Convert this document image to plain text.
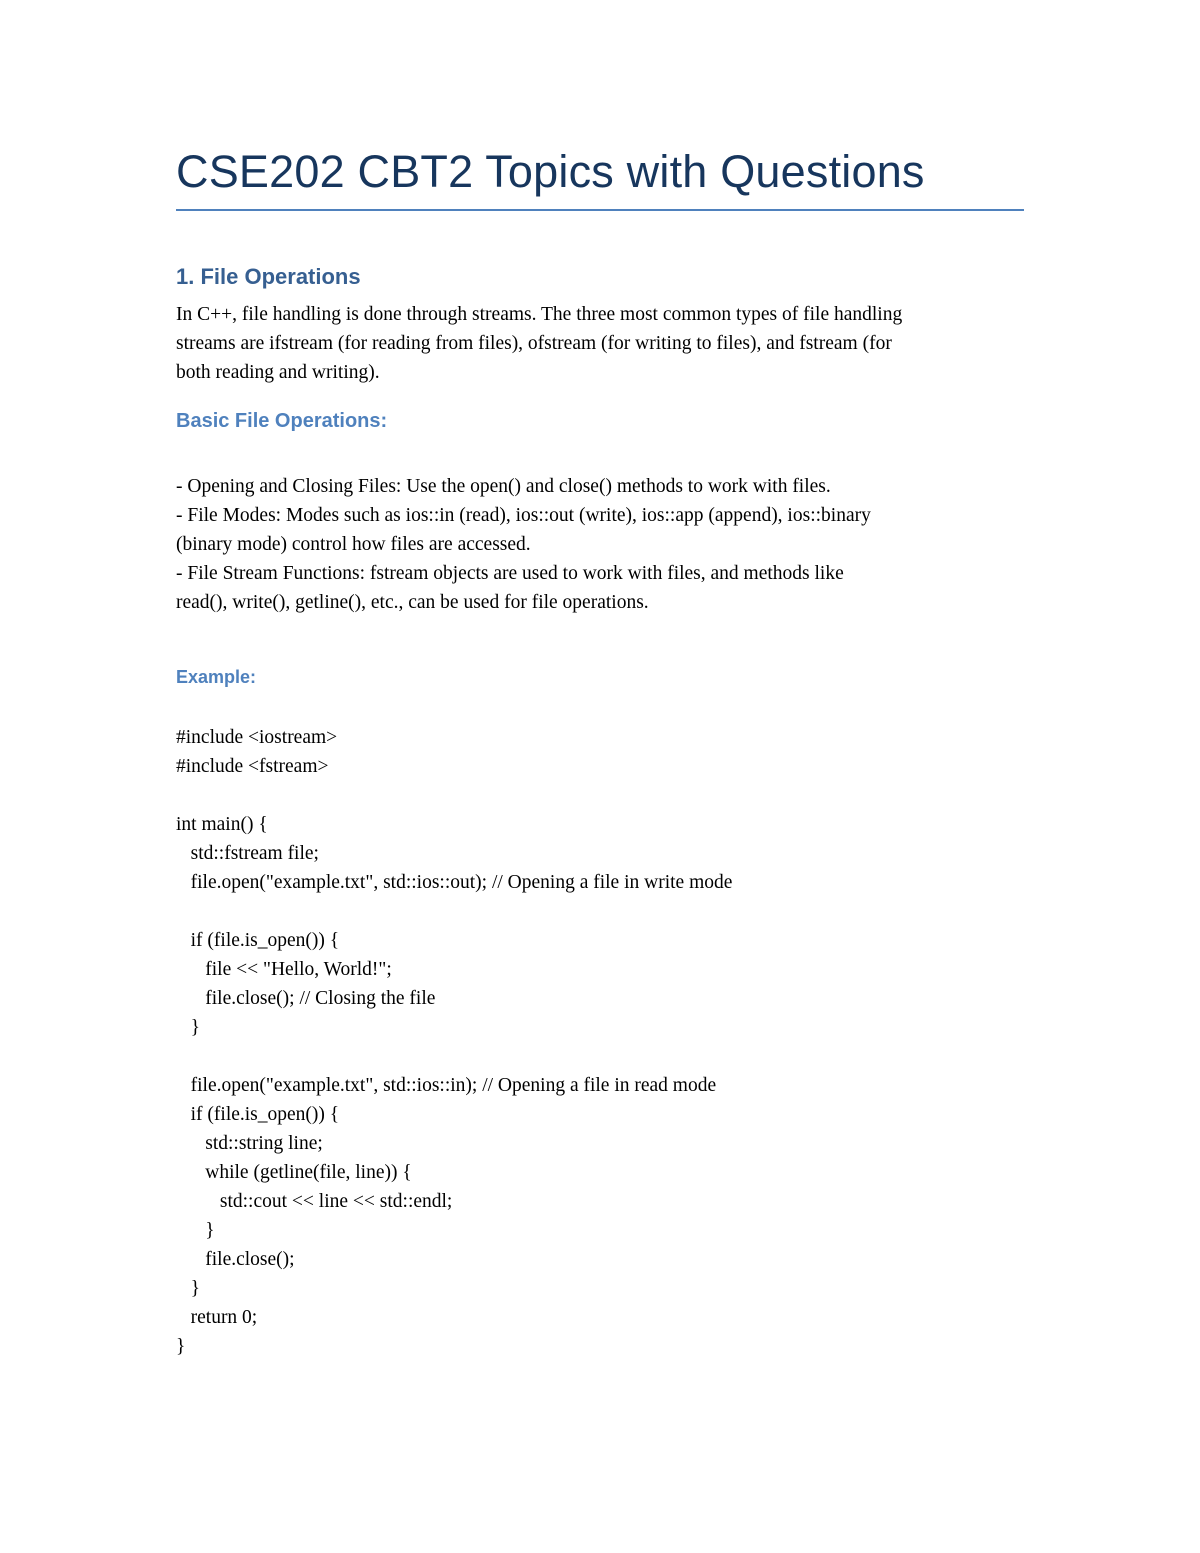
CSE202 CBT2 Topics with Questions
1. File Operations
In C++, file handling is done through streams. The three most common types of file handling
streams are ifstream (for reading from files), ofstream (for writing to files), and fstream (for
both reading and writing).
Basic File Operations:
- Opening and Closing Files: Use the open() and close() methods to work with files.
- File Modes: Modes such as ios::in (read), ios::out (write), ios::app (append), ios::binary
(binary mode) control how files are accessed.
- File Stream Functions: fstream objects are used to work with files, and methods like
read(), write(), getline(), etc., can be used for file operations.
Example:
#include <iostream>
#include <fstream>
int main() {
std::fstream file;
file.open("example.txt", std::ios::out); // Opening a file in write mode
if (file.is_open()) {
file << "Hello, World!";
file.close(); // Closing the file
}
file.open("example.txt", std::ios::in); // Opening a file in read mode
if (file.is_open()) {
std::string line;
while (getline(file, line)) {
std::cout << line << std::endl;
}
file.close();
}
return 0;
}
